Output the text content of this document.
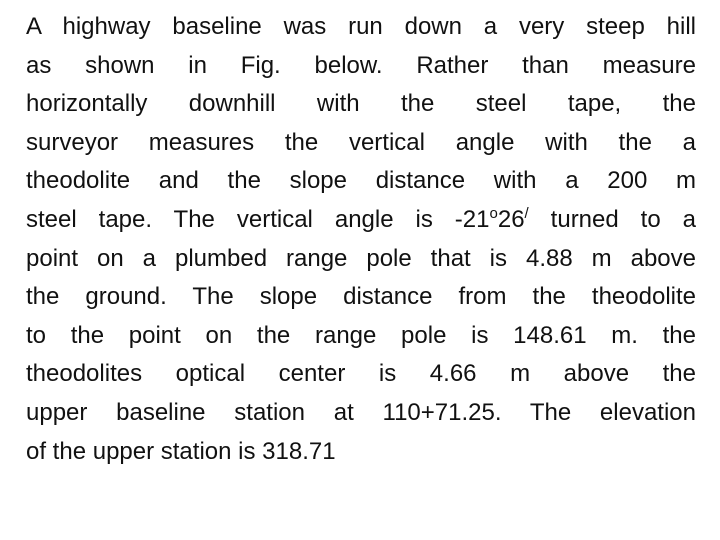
A highway baseline was run down a very steep hill
as shown in Fig. below. Rather than measure
horizontally downhill with the steel tape, the
surveyor measures the vertical angle with the a
theodolite and the slope distance with a 200 m
steel tape. The vertical angle is -21$^o$26/ turned to a
point on a plumbed range pole that is 4.88 m above
the ground. The slope distance from the theodolite
to the point on the range pole is 148.61 m. the
theodolites optical center is 4.66 m above the
upper baseline station at 110+71.25. The elevation
of the upper station is 318.71
